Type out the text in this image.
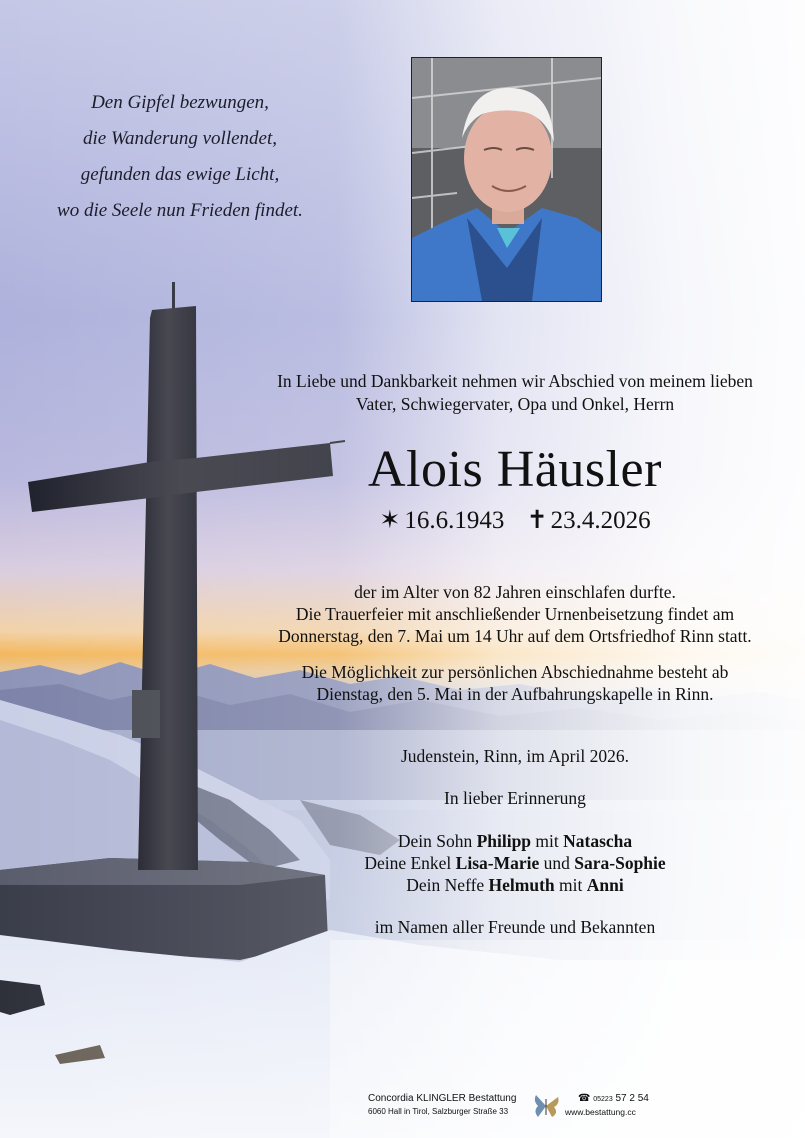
Den Gipfel bezwungen,
die Wanderung vollendet,
gefunden das ewige Licht,
wo die Seele nun Frieden findet.
In Liebe und Dankbarkeit nehmen wir Abschied von meinem lieben
Vater, Schwiegervater, Opa und Onkel, Herrn
Alois Häusler
✶ 16.6.1943 ✝ 23.4.2026
der im Alter von 82 Jahren einschlafen durfte.
Die Trauerfeier mit anschließender Urnenbeisetzung findet am
Donnerstag, den 7. Mai um 14 Uhr auf dem Ortsfriedhof Rinn statt.
Die Möglichkeit zur persönlichen Abschiednahme besteht ab
Dienstag, den 5. Mai in der Aufbahrungskapelle in Rinn.
Judenstein, Rinn, im April 2026.
In lieber Erinnerung
Dein Sohn Philipp mit Natascha
Deine Enkel Lisa-Marie und Sara-Sophie
Dein Neffe Helmuth mit Anni
im Namen aller Freunde und Bekannten
Concordia KLINGLER Bestattung
6060 Hall in Tirol, Salzburger Straße 33
☎ 05223 57 2 54
www.bestattung.cc
